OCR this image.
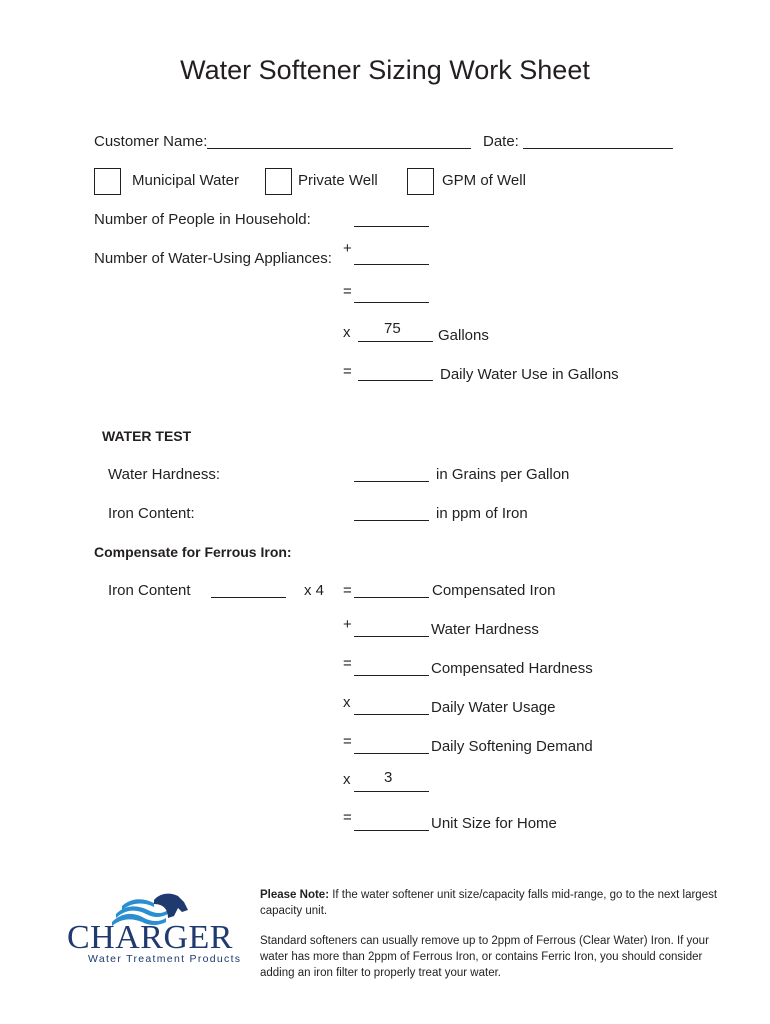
Water Softener Sizing Work Sheet
Customer Name:	Date:
Municipal Water	Private Well	GPM of Well
Number of People in Household:
Number of Water-Using Appliances:
+
=
x 75 Gallons
=	Daily Water Use in Gallons
WATER TEST
Water Hardness:	in Grains per Gallon
Iron Content:	in ppm of Iron
Compensate for Ferrous Iron:
Iron Content	x 4 =	Compensated Iron
+	Water Hardness
=	Compensated Hardness
x	Daily Water Usage
=	Daily Softening Demand
x 3
=	Unit Size for Home
CHARGER
Water Treatment Products
Please Note: If the water softener unit size/capacity falls mid-range, go to the next largest capacity unit.
Standard softeners can usually remove up to 2ppm of Ferrous (Clear Water) Iron. If your water has more than 2ppm of Ferrous Iron, or contains Ferric Iron, you should consider adding an iron filter to properly treat your water.
